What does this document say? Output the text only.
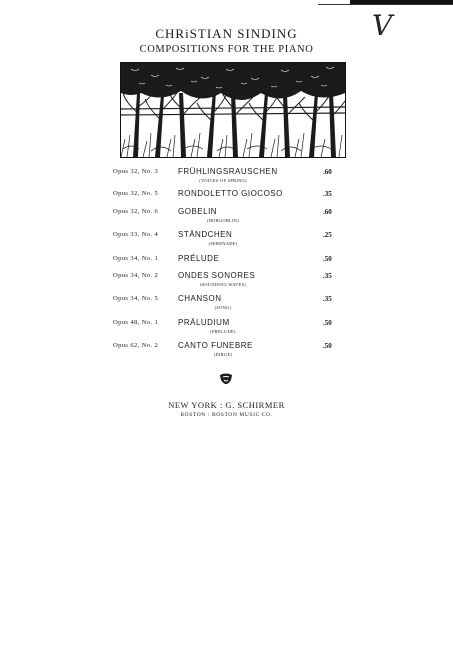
V
CHRiSTIAN SINDING
COMPOSITIONS FOR THE PIANO
Opus 32, No. 3 FRÜHLINGSRAUSCHEN
(VOICES OF SPRING)
.60
Opus 32, No. 5 RONDOLETTO GIOCOSO	.35
Opus 32, No. 6 GOBELIN
(HOBGOBLIN)
.60
Opus 33, No. 4 STÄNDCHEN
(SERENADE)
.25
Opus 34, No. 1 PRÉLUDE	.50
Opus 34, No. 2 ONDES SONORES
(SOUNDING WAVES)
.35
Opus 34, No. 5 CHANSON
(SONG)
.35
Opus 48, No. 1 PRÄLUDIUM
(PRELUDE)
.50
Opus 62, No. 2 CANTO FUNEBRE
(DIRGE)
.50
NEW YORK : G. SCHIRMER
BOSTON : BOSTON MUSIC CO.
